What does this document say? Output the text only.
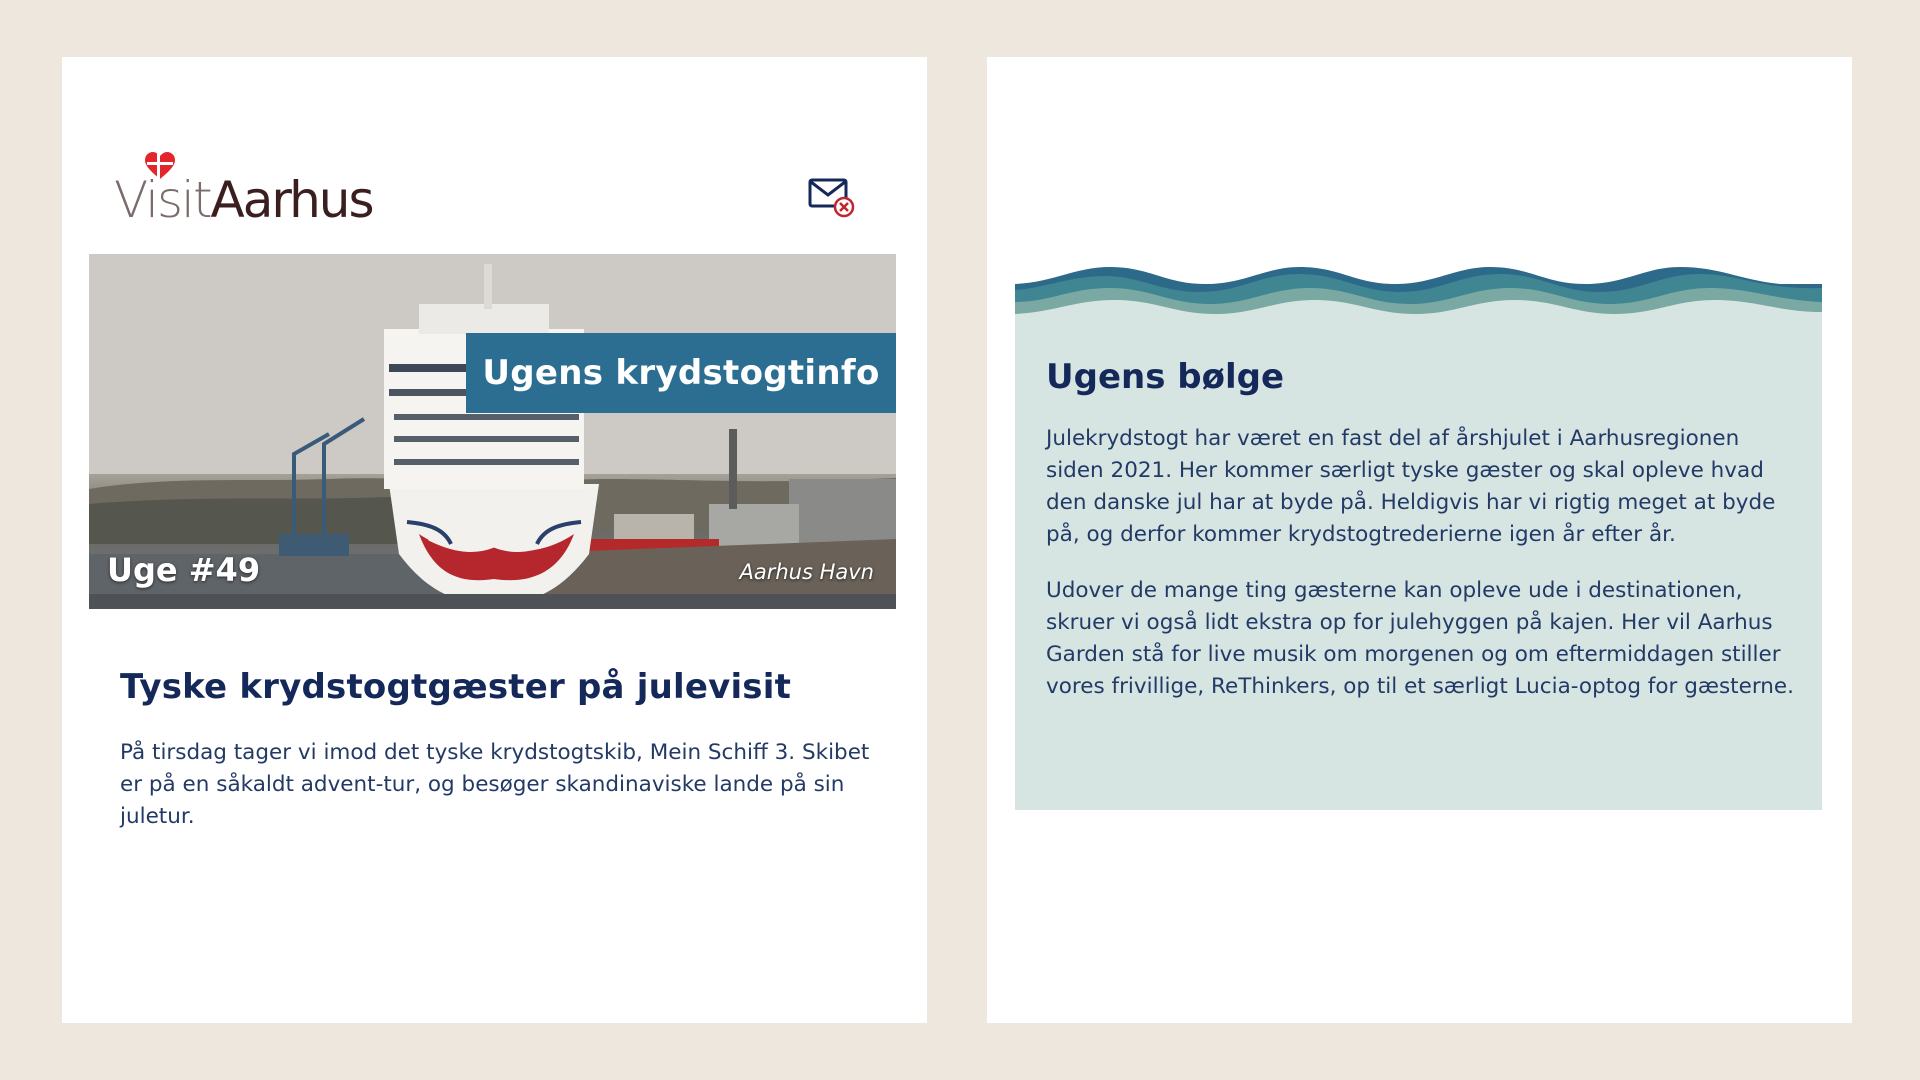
VisitAarhus
Ugens krydstogtinfo
Uge #49	Aarhus Havn
Tyske krydstogtgæster på julevisit

På tirsdag tager vi imod det tyske krydstogtskib, Mein Schiff 3. Skibet er på en såkaldt advent-tur, og besøger skandinaviske lande på sin juletur.

Ugens bølge

Julekrydstogt har været en fast del af årshjulet i Aarhusregionen siden 2021. Her kommer særligt tyske gæster og skal opleve hvad den danske jul har at byde på. Heldigvis har vi rigtig meget at byde på, og derfor kommer krydstogtrederierne igen år efter år.

Udover de mange ting gæsterne kan opleve ude i destinationen, skruer vi også lidt ekstra op for julehyggen på kajen. Her vil Aarhus Garden stå for live musik om morgenen og om eftermiddagen stiller vores frivillige, ReThinkers, op til et særligt Lucia-optog for gæsterne.
